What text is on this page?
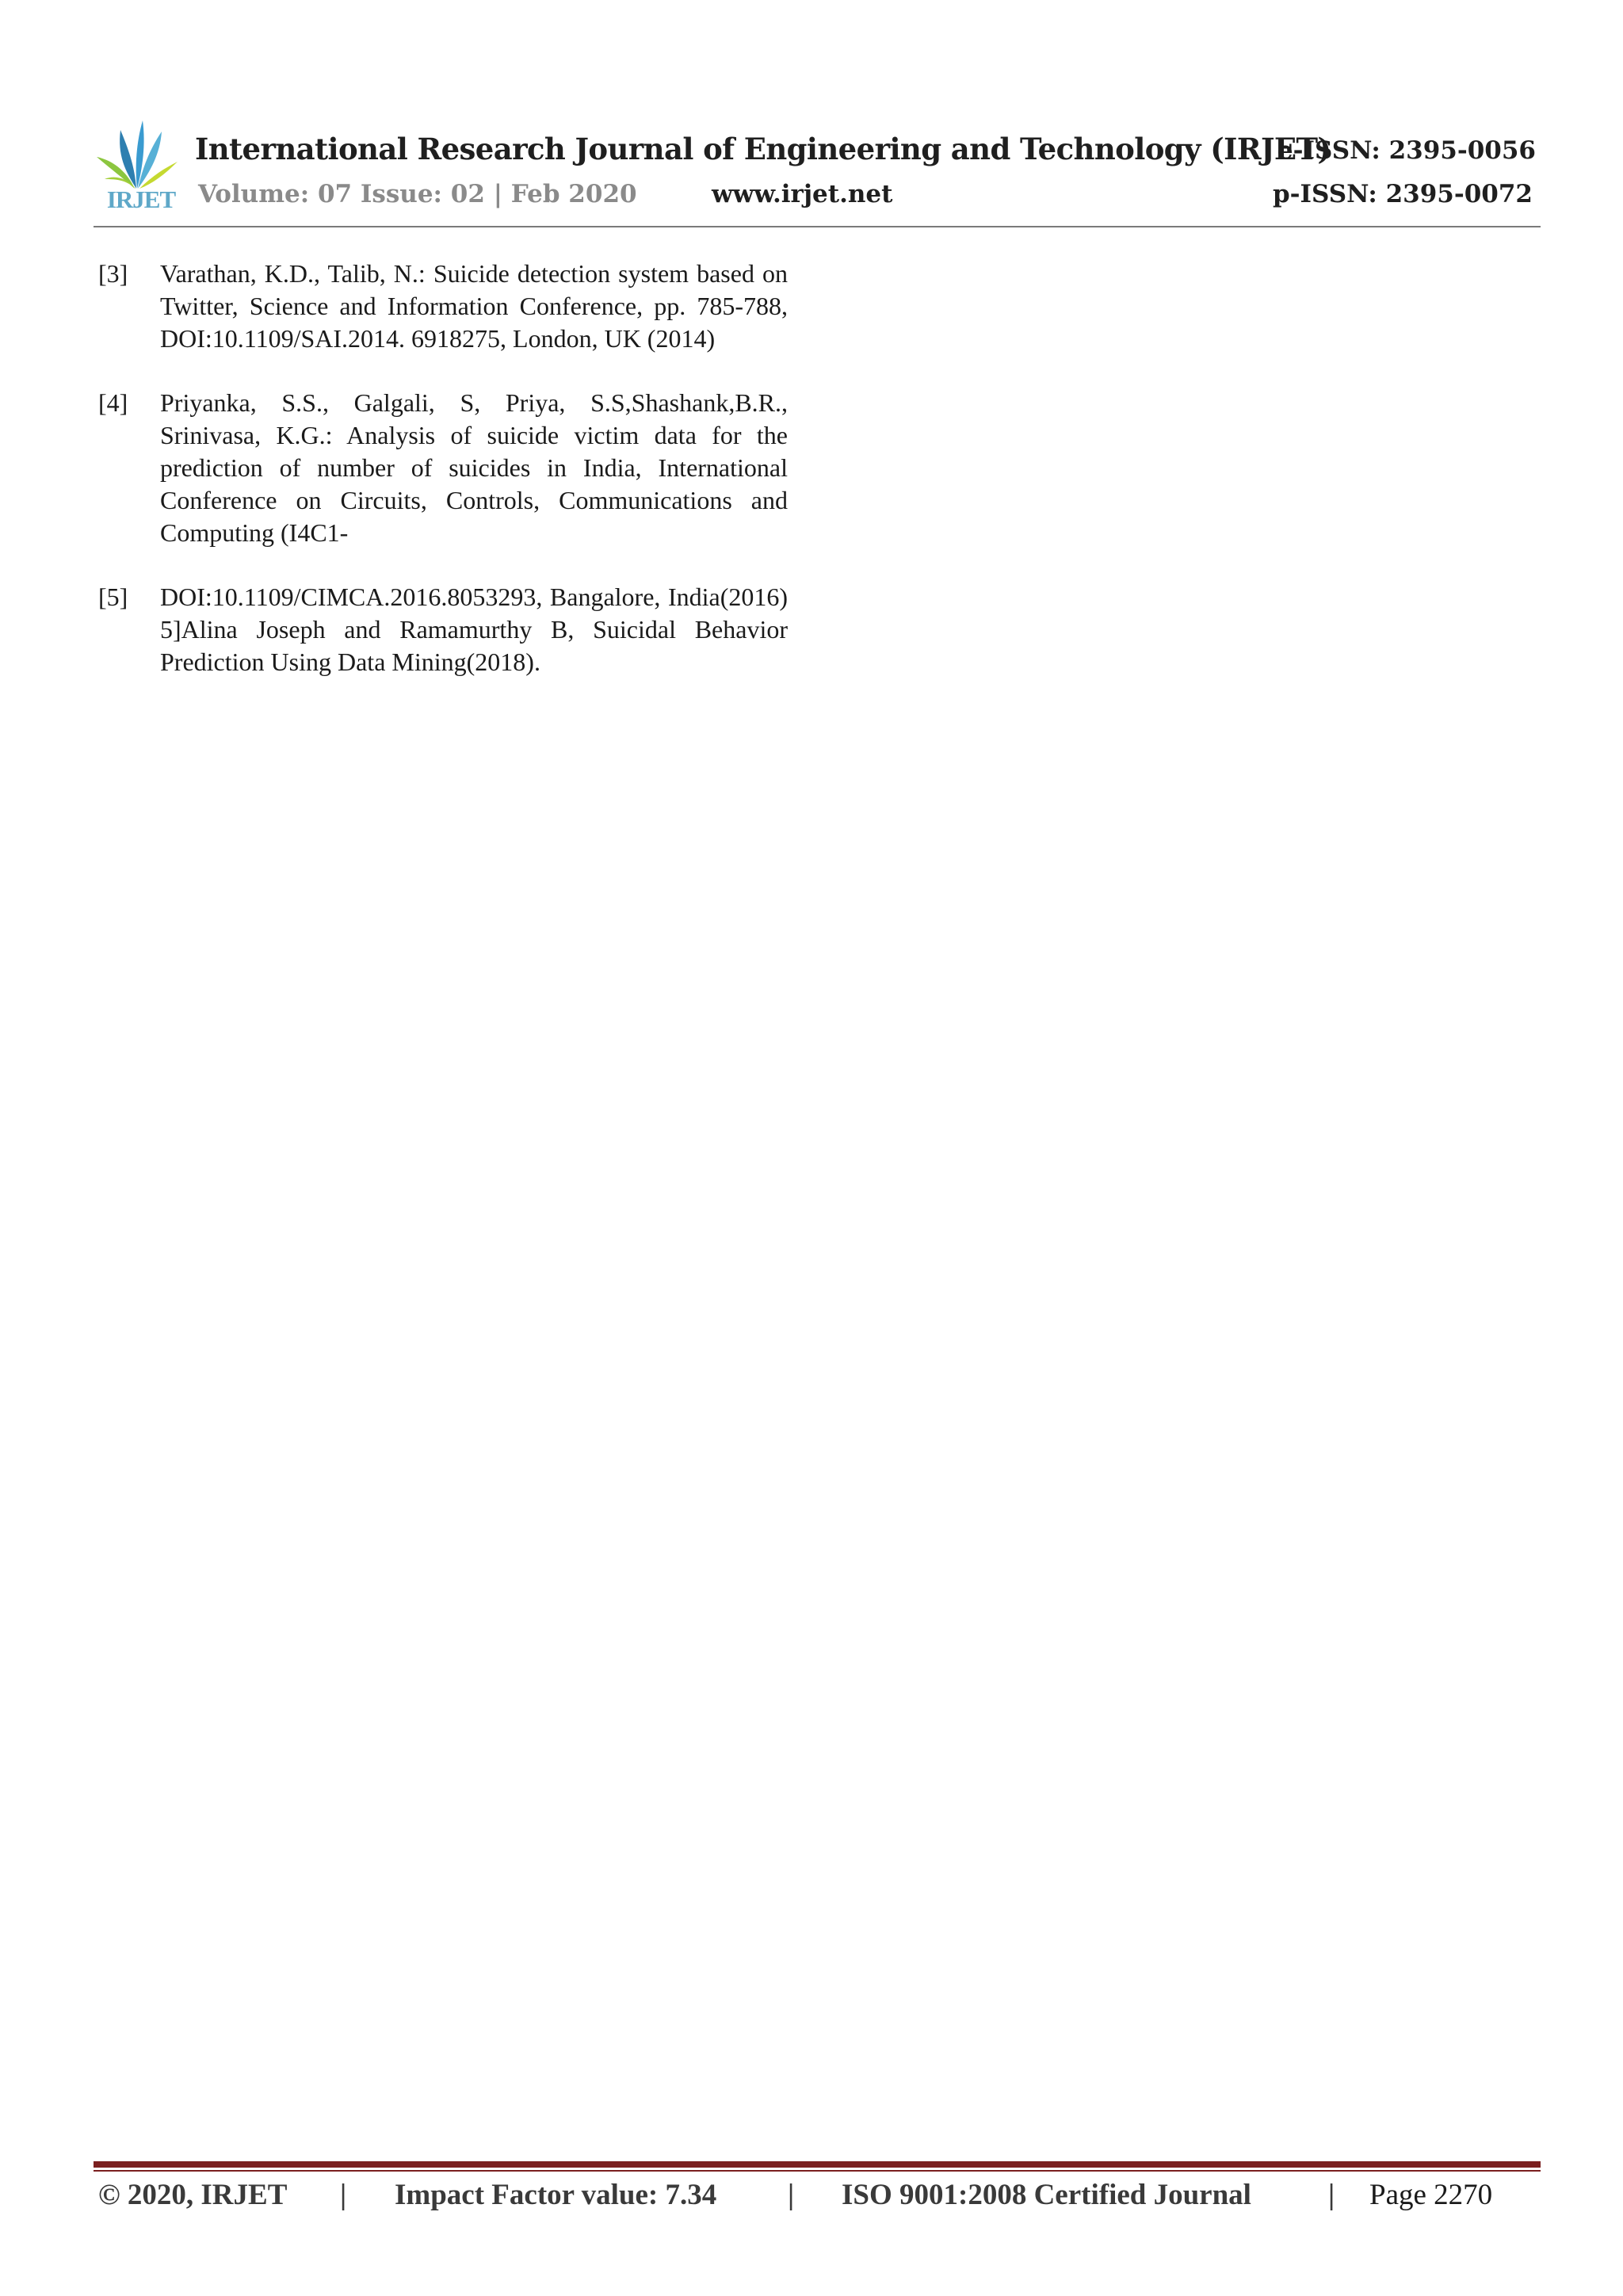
IRJET
International Research Journal of Engineering and Technology (IRJET)
e-ISSN: 2395-0056
Volume: 07 Issue: 02 | Feb 2020	www.irjet.net	p-ISSN: 2395-0072
[3] Varathan, K.D., Talib, N.: Suicide detection system based on Twitter, Science and Information Conference, pp. 785-788, DOI:10.1109/SAI.2014. 6918275, London, UK (2014)
[4] Priyanka, S.S., Galgali, S, Priya, S.S,Shashank,B.R., Srinivasa, K.G.: Analysis of suicide victim data for the prediction of number of suicides in India, International Conference on Circuits, Controls, Communications and Computing (I4C1-
[5] DOI:10.1109/CIMCA.2016.8053293, Bangalore, India(2016) 5]Alina Joseph and Ramamurthy B, Suicidal Behavior Prediction Using Data Mining(2018).
© 2020, IRJET | Impact Factor value: 7.34 | ISO 9001:2008 Certified Journal	| Page 2270
